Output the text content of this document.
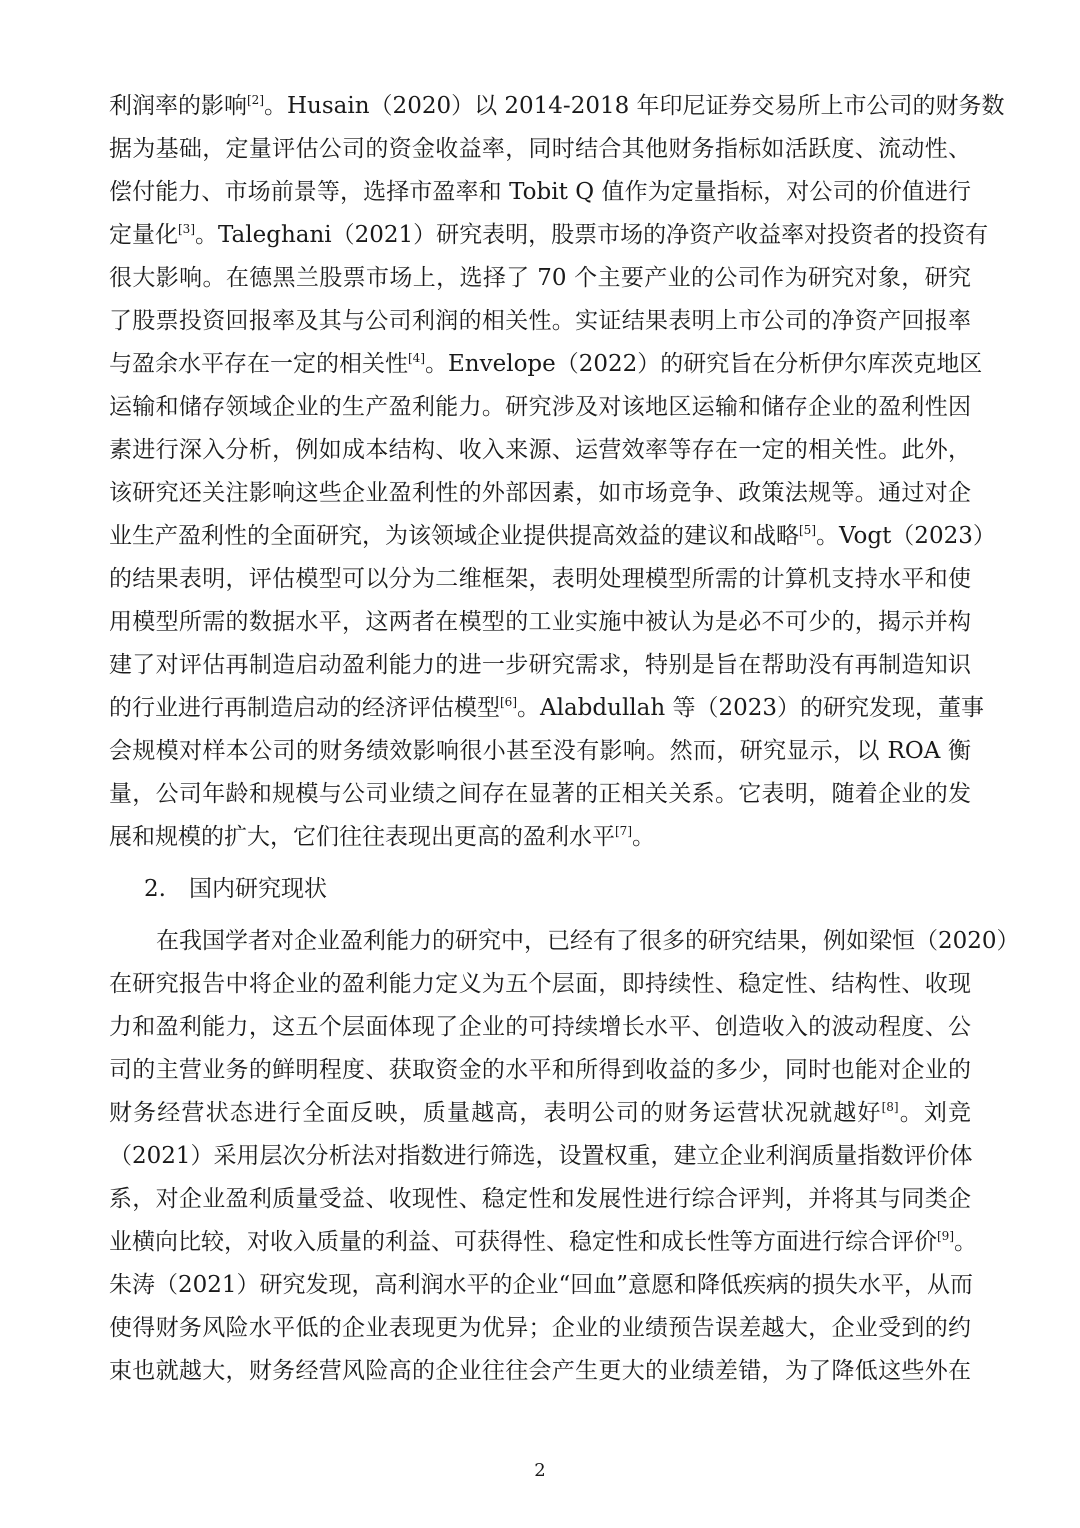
利润率的影响[2]。Husain（2020）以 2014-2018 年印尼证券交易所上市公司的财务数
据为基础，定量评估公司的资金收益率，同时结合其他财务指标如活跃度、流动性、
偿付能力、市场前景等，选择市盈率和 Tobit Q 值作为定量指标，对公司的价值进行
定量化[3]。Taleghani（2021）研究表明，股票市场的净资产收益率对投资者的投资有
很大影响。在德黑兰股票市场上，选择了 70 个主要产业的公司作为研究对象，研究
了股票投资回报率及其与公司利润的相关性。实证结果表明上市公司的净资产回报率
与盈余水平存在一定的相关性[4]。Envelope（2022）的研究旨在分析伊尔库茨克地区
运输和储存领域企业的生产盈利能力。研究涉及对该地区运输和储存企业的盈利性因
素进行深入分析，例如成本结构、收入来源、运营效率等存在一定的相关性。此外，
该研究还关注影响这些企业盈利性的外部因素，如市场竞争、政策法规等。通过对企
业生产盈利性的全面研究，为该领域企业提供提高效益的建议和战略[5]。Vogt（2023）
的结果表明，评估模型可以分为二维框架，表明处理模型所需的计算机支持水平和使
用模型所需的数据水平，这两者在模型的工业实施中被认为是必不可少的，揭示并构
建了对评估再制造启动盈利能力的进一步研究需求，特别是旨在帮助没有再制造知识
的行业进行再制造启动的经济评估模型[6]。Alabdullah 等（2023）的研究发现，董事
会规模对样本公司的财务绩效影响很小甚至没有影响。然而，研究显示，以 ROA 衡
量，公司年龄和规模与公司业绩之间存在显著的正相关关系。它表明，随着企业的发
展和规模的扩大，它们往往表现出更高的盈利水平[7]。
2.　国内研究现状
在我国学者对企业盈利能力的研究中，已经有了很多的研究结果，例如梁恒（2020）
在研究报告中将企业的盈利能力定义为五个层面，即持续性、稳定性、结构性、收现
力和盈利能力，这五个层面体现了企业的可持续增长水平、创造收入的波动程度、公
司的主营业务的鲜明程度、获取资金的水平和所得到收益的多少，同时也能对企业的
财务经营状态进行全面反映，质量越高，表明公司的财务运营状况就越好[8]。刘竞
（2021）采用层次分析法对指数进行筛选，设置权重，建立企业利润质量指数评价体
系，对企业盈利质量受益、收现性、稳定性和发展性进行综合评判，并将其与同类企
业横向比较，对收入质量的利益、可获得性、稳定性和成长性等方面进行综合评价[9]。
朱涛（2021）研究发现，高利润水平的企业“回血”意愿和降低疾病的损失水平，从而
使得财务风险水平低的企业表现更为优异；企业的业绩预告误差越大，企业受到的约
束也就越大，财务经营风险高的企业往往会产生更大的业绩差错，为了降低这些外在
2
